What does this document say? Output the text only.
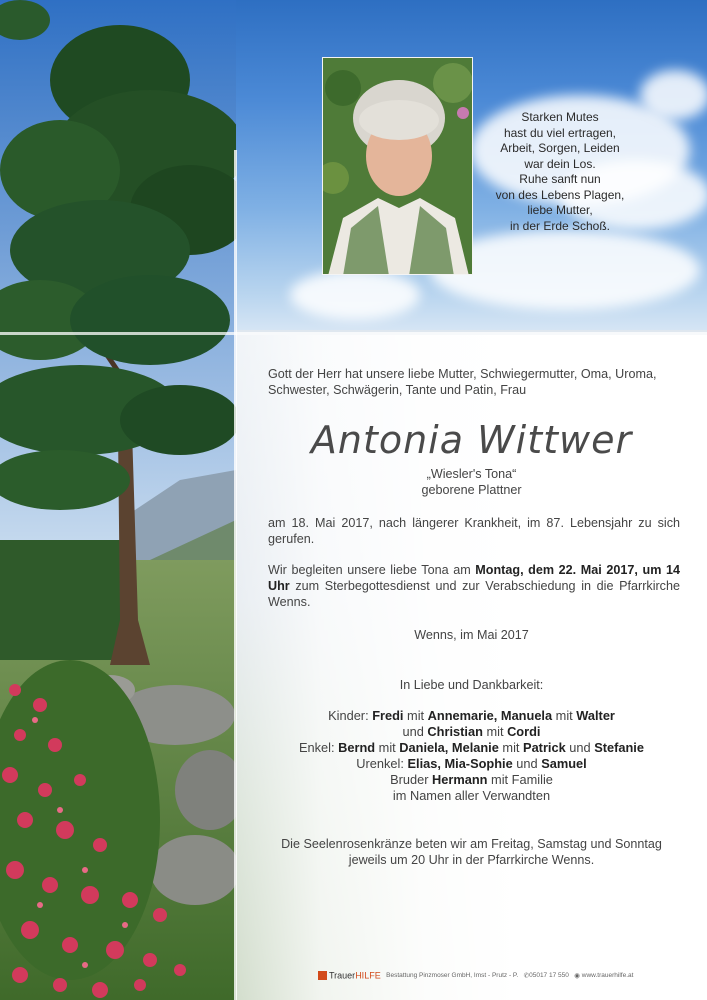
Starken Mutes
hast du viel ertragen,
Arbeit, Sorgen, Leiden
war dein Los.
Ruhe sanft nun
von des Lebens Plagen,
liebe Mutter,
in der Erde Schoß.
Gott der Herr hat unsere liebe Mutter, Schwiegermutter, Oma, Uroma, Schwester, Schwägerin, Tante und Patin, Frau
Antonia Wittwer
„Wiesler's Tona“
geborene Plattner
am 18. Mai 2017, nach längerer Krankheit, im 87. Lebensjahr zu sich gerufen.
Wir begleiten unsere liebe Tona am Montag, dem 22. Mai 2017, um 14 Uhr zum Sterbegottesdienst und zur Verabschiedung in die Pfarrkirche Wenns.
Wenns, im Mai 2017
In Liebe und Dankbarkeit:
Kinder: Fredi mit Annemarie, Manuela mit Walter
und Christian mit Cordi
Enkel: Bernd mit Daniela, Melanie mit Patrick und Stefanie
Urenkel: Elias, Mia-Sophie und Samuel
Bruder Hermann mit Familie
im Namen aller Verwandten
Die Seelenrosenkränze beten wir am Freitag, Samstag und Sonntag
jeweils um 20 Uhr in der Pfarrkirche Wenns.
TrauerHILFE Bestattung Pinzmoser GmbH, Imst - Prutz - P. ✆05017 17 550 ◉ www.trauerhilfe.at
